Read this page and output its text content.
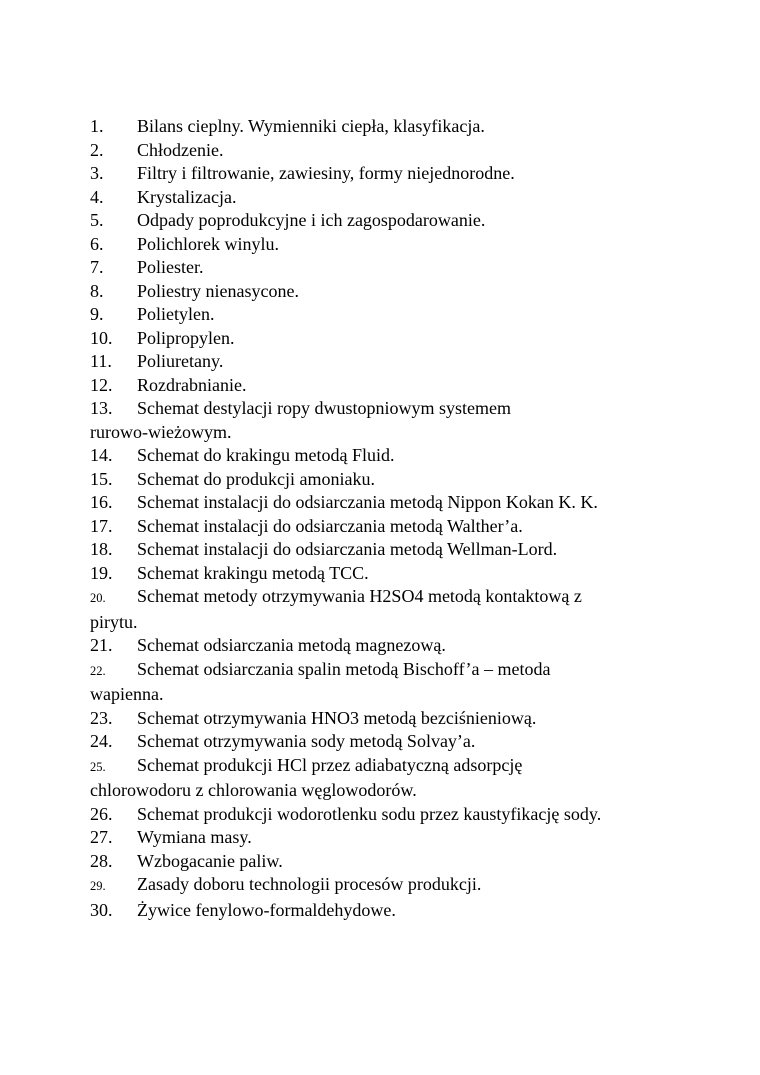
1. Bilans cieplny. Wymienniki ciepła, klasyfikacja.
2. Chłodzenie.
3. Filtry i filtrowanie, zawiesiny, formy niejednorodne.
4. Krystalizacja.
5. Odpady poprodukcyjne i ich zagospodarowanie.
6. Polichlorek winylu.
7. Poliester.
8. Poliestry nienasycone.
9. Polietylen.
10. Polipropylen.
11. Poliuretany.
12. Rozdrabnianie.
13. Schemat destylacji ropy dwustopniowym systemem
rurowo-wieżowym.
14. Schemat do krakingu metodą Fluid.
15. Schemat do produkcji amoniaku.
16. Schemat instalacji do odsiarczania metodą Nippon Kokan K. K.
17. Schemat instalacji do odsiarczania metodą Walther’a.
18. Schemat instalacji do odsiarczania metodą Wellman-Lord.
19. Schemat krakingu metodą TCC.
20. Schemat metody otrzymywania H2SO4 metodą kontaktową z
pirytu.
21. Schemat odsiarczania metodą magnezową.
22. Schemat odsiarczania spalin metodą Bischoff’a – metoda
wapienna.
23. Schemat otrzymywania HNO3 metodą bezciśnieniową.
24. Schemat otrzymywania sody metodą Solvay’a.
25. Schemat produkcji HCl przez adiabatyczną adsorpcję
chlorowodoru z chlorowania węglowodorów.
26. Schemat produkcji wodorotlenku sodu przez kaustyfikację sody.
27. Wymiana masy.
28. Wzbogacanie paliw.
29. Zasady doboru technologii procesów produkcji.
30. Żywice fenylowo-formaldehydowe.
